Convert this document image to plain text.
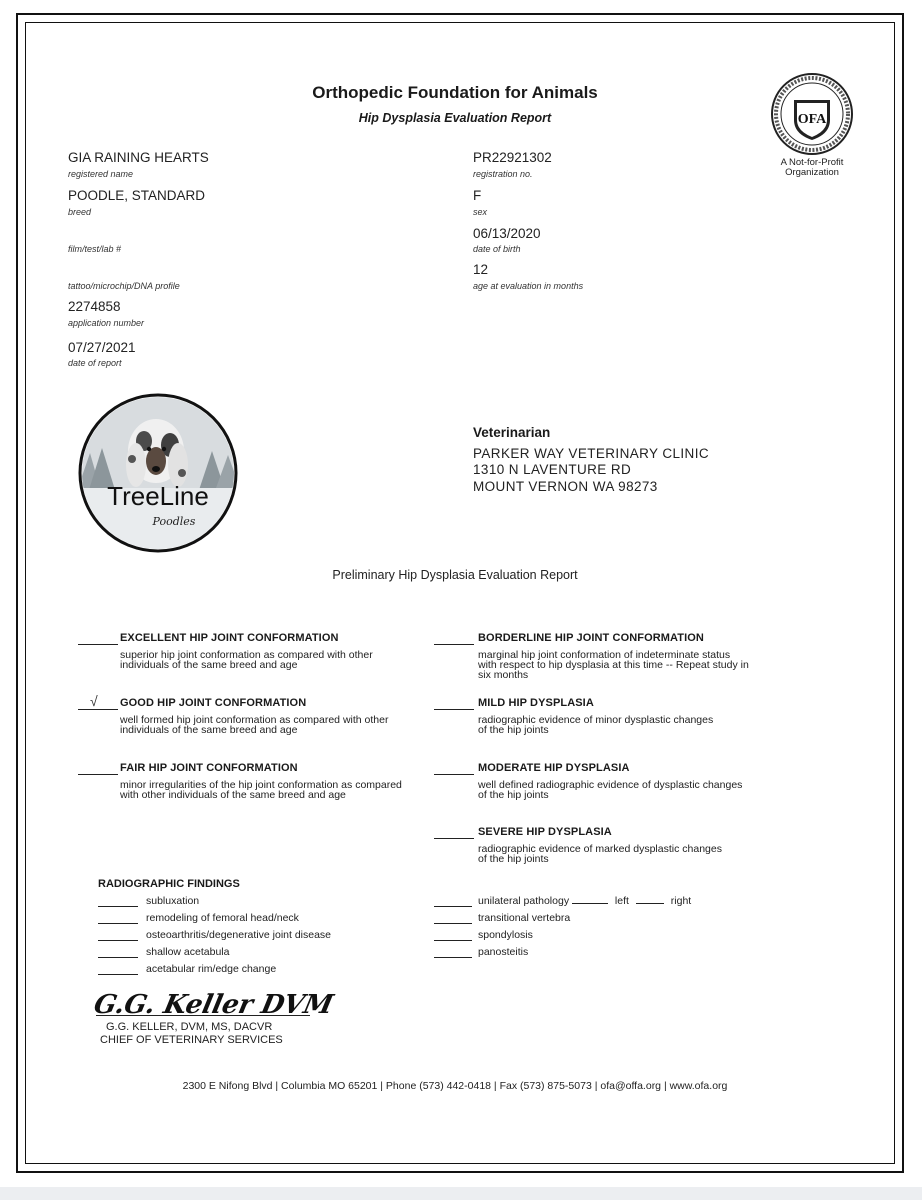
Orthopedic Foundation for Animals
Hip Dysplasia Evaluation Report	OFA
A Not-for-Profit Organization
GIA RAINING HEARTS
registered name
POODLE, STANDARD
breed
film/test/lab #
tattoo/microchip/DNA profile
2274858
application number
07/27/2021
date of report
PR22921302
registration no.
F
sex
06/13/2020
date of birth
12
age at evaluation in months
TreeLine
Poodles
Veterinarian
PARKER WAY VETERINARY CLINIC
1310 N LAVENTURE RD
MOUNT VERNON WA 98273
Preliminary Hip Dysplasia Evaluation Report
EXCELLENT HIP JOINT CONFORMATION
superior hip joint conformation as compared with other individuals of the same breed and age
√ GOOD HIP JOINT CONFORMATION
well formed hip joint conformation as compared with other individuals of the same breed and age
FAIR HIP JOINT CONFORMATION
minor irregularities of the hip joint conformation as compared with other individuals of the same breed and age
BORDERLINE HIP JOINT CONFORMATION
marginal hip joint conformation of indeterminate status with respect to hip dysplasia at this time -- Repeat study in six months
MILD HIP DYSPLASIA
radiographic evidence of minor dysplastic changes of the hip joints
MODERATE HIP DYSPLASIA
well defined radiographic evidence of dysplastic changes of the hip joints
SEVERE HIP DYSPLASIA
radiographic evidence of marked dysplastic changes of the hip joints
RADIOGRAPHIC FINDINGS
subluxation
remodeling of femoral head/neck
osteoarthritis/degenerative joint disease
shallow acetabula
acetabular rim/edge change
unilateral pathology	left	right
transitional vertebra
spondylosis
panosteitis
G.G. Keller DVM
G.G. KELLER, DVM, MS, DACVR
CHIEF OF VETERINARY SERVICES
2300 E Nifong Blvd | Columbia MO 65201 | Phone (573) 442-0418 | Fax (573) 875-5073 | ofa@offa.org | www.ofa.org
